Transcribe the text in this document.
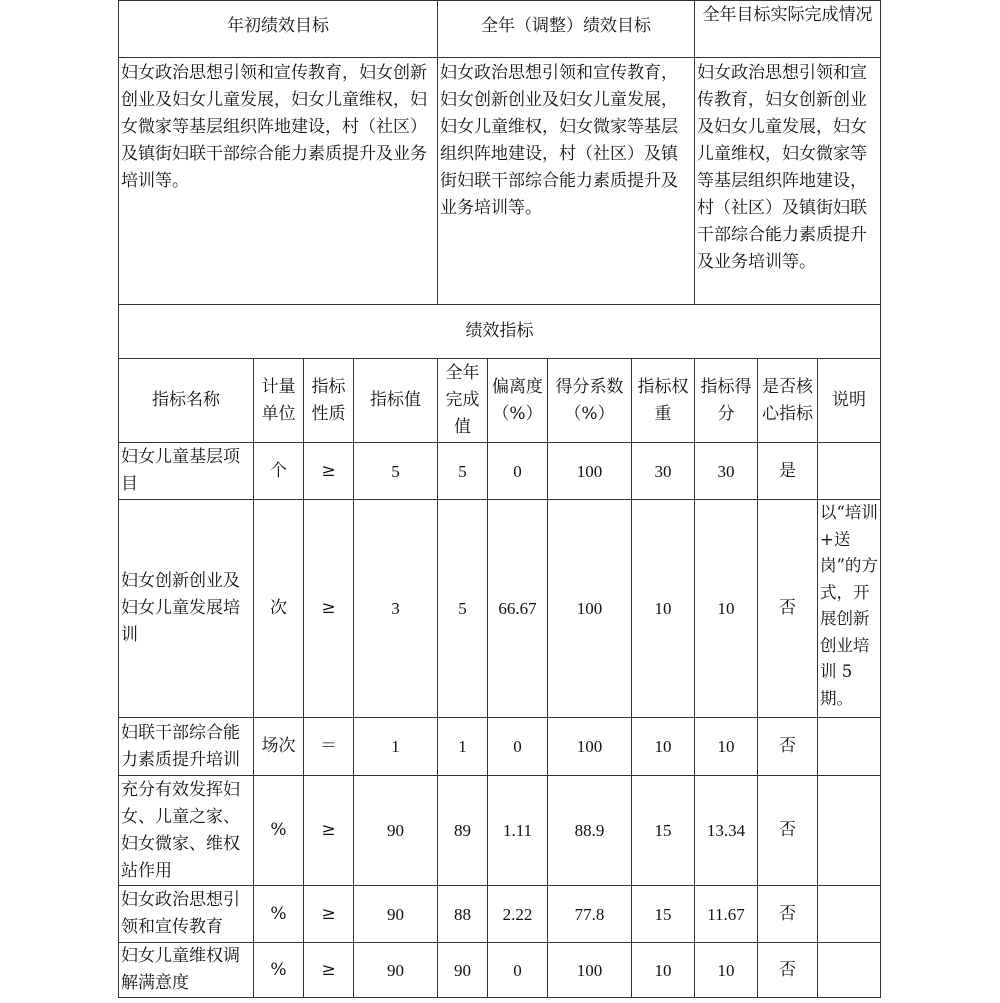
年初绩效目标				全年（调整）绩效目标				全年目标实际完成情况		
妇女政治思想引领和宣传教育，妇女创新创业及妇女儿童发展，妇女儿童维权，妇女微家等基层组织阵地建设，村（社区）及镇街妇联干部综合能力素质提升及业务培训等。				妇女政治思想引领和宣传教育，妇女创新创业及妇女儿童发展，妇女儿童维权，妇女微家等基层组织阵地建设，村（社区）及镇街妇联干部综合能力素质提升及业务培训等。				妇女政治思想引领和宣传教育，妇女创新创业及妇女儿童发展，妇女儿童维权，妇女微家等等基层组织阵地建设，村（社区）及镇街妇联干部综合能力素质提升及业务培训等。		
绩效指标										
指标名称	计量单位	指标性质	指标值	全年完成值	偏离度（%）	得分系数（%）	指标权重	指标得分	是否核心指标	说明
妇女儿童基层项目	个	≥	5	5	0	100	30	30	是	
妇女创新创业及妇女儿童发展培训	次	≥	3	5	66.67	100	10	10	否	以“培训+送岗”的方式，开展创新创业培训 5 期。
妇联干部综合能力素质提升培训	场次	＝	1	1	0	100	10	10	否	
充分有效发挥妇女、儿童之家、妇女微家、维权站作用	%	≥	90	89	1.11	88.9	15	13.34	否	
妇女政治思想引领和宣传教育	%	≥	90	88	2.22	77.8	15	11.67	否	
妇女儿童维权调解满意度	%	≥	90	90	0	100	10	10	否	
